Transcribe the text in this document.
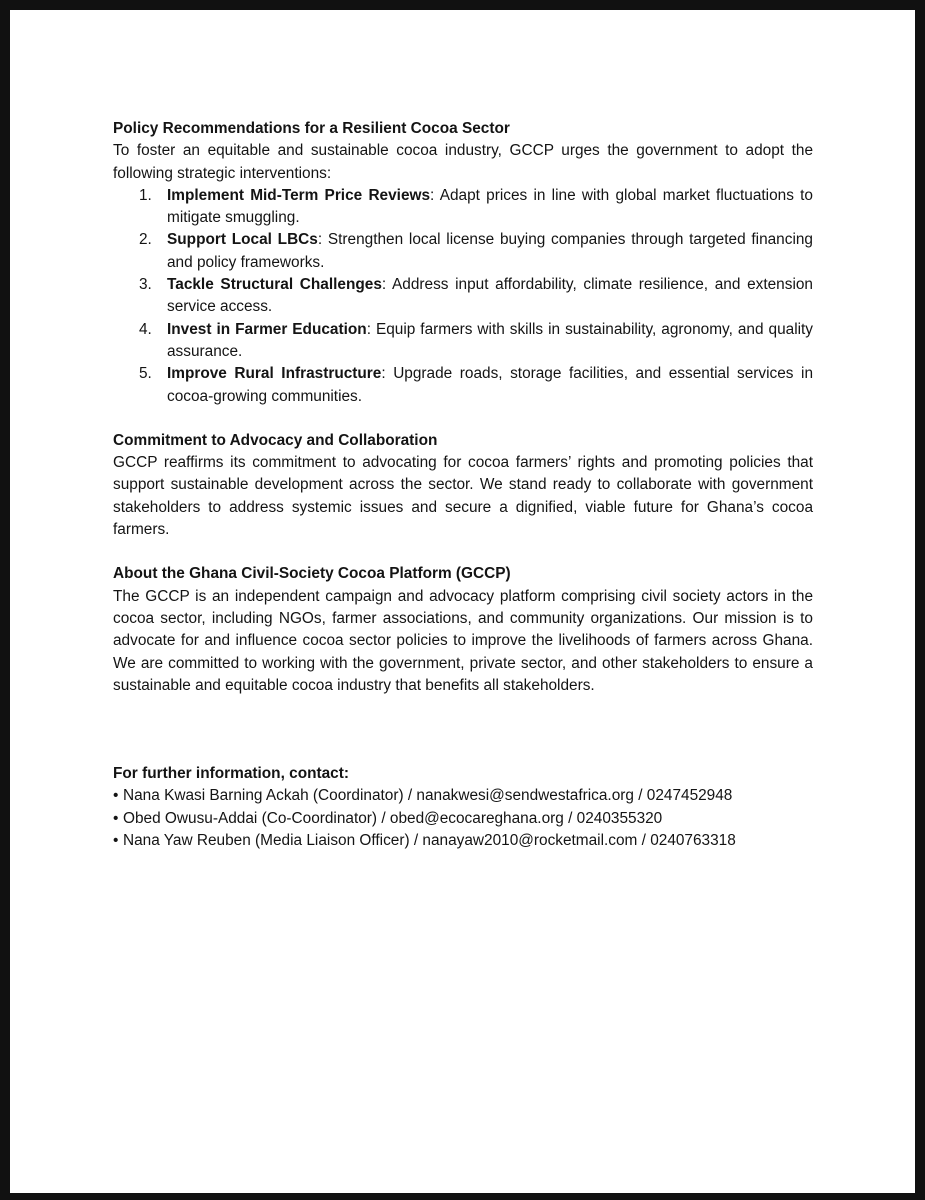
Policy Recommendations for a Resilient Cocoa Sector
To foster an equitable and sustainable cocoa industry, GCCP urges the government to adopt the following strategic interventions:
1. Implement Mid-Term Price Reviews: Adapt prices in line with global market fluctuations to mitigate smuggling.
2. Support Local LBCs: Strengthen local license buying companies through targeted financing and policy frameworks.
3. Tackle Structural Challenges: Address input affordability, climate resilience, and extension service access.
4. Invest in Farmer Education: Equip farmers with skills in sustainability, agronomy, and quality assurance.
5. Improve Rural Infrastructure: Upgrade roads, storage facilities, and essential services in cocoa-growing communities.
Commitment to Advocacy and Collaboration
GCCP reaffirms its commitment to advocating for cocoa farmers’ rights and promoting policies that support sustainable development across the sector. We stand ready to collaborate with government stakeholders to address systemic issues and secure a dignified, viable future for Ghana’s cocoa farmers.
About the Ghana Civil-Society Cocoa Platform (GCCP)
The GCCP is an independent campaign and advocacy platform comprising civil society actors in the cocoa sector, including NGOs, farmer associations, and community organizations. Our mission is to advocate for and influence cocoa sector policies to improve the livelihoods of farmers across Ghana. We are committed to working with the government, private sector, and other stakeholders to ensure a sustainable and equitable cocoa industry that benefits all stakeholders.
For further information, contact:
• Nana Kwasi Barning Ackah (Coordinator) / nanakwesi@sendwestafrica.org / 0247452948
• Obed Owusu-Addai (Co-Coordinator) / obed@ecocareghana.org / 0240355320
• Nana Yaw Reuben (Media Liaison Officer) / nanayaw2010@rocketmail.com / 0240763318
